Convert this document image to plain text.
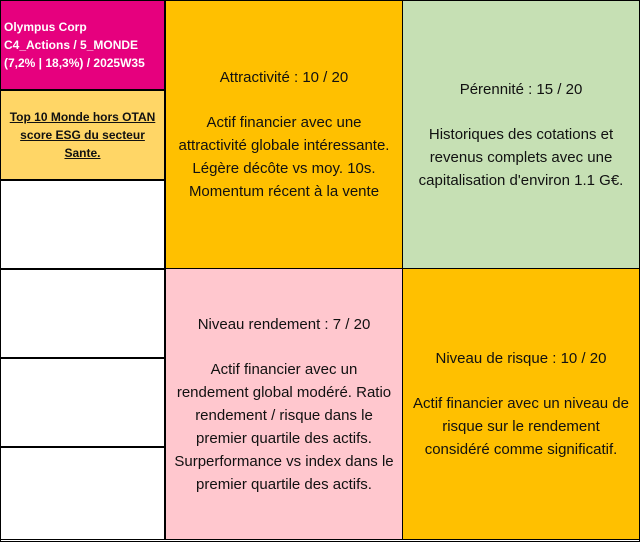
Olympus Corp
C4_Actions / 5_MONDE
(7,2% | 18,3%) / 2025W35
Top 10 Monde hors OTAN
score ESG du secteur Sante.
Attractivité : 10 / 20
Actif financier avec une
attractivité globale intéressante.
Légère décôte vs moy. 10s.
Momentum récent à la vente
Pérennité : 15 / 20
Historiques des cotations et
revenus complets avec une
capitalisation d'environ 1.1 G€.
Niveau rendement : 7 / 20
Actif financier avec un
rendement global modéré. Ratio
rendement / risque dans le
premier quartile des actifs.
Surperformance vs index dans le
premier quartile des actifs.
Niveau de risque : 10 / 20
Actif financier avec un niveau de
risque sur le rendement
considéré comme significatif.
